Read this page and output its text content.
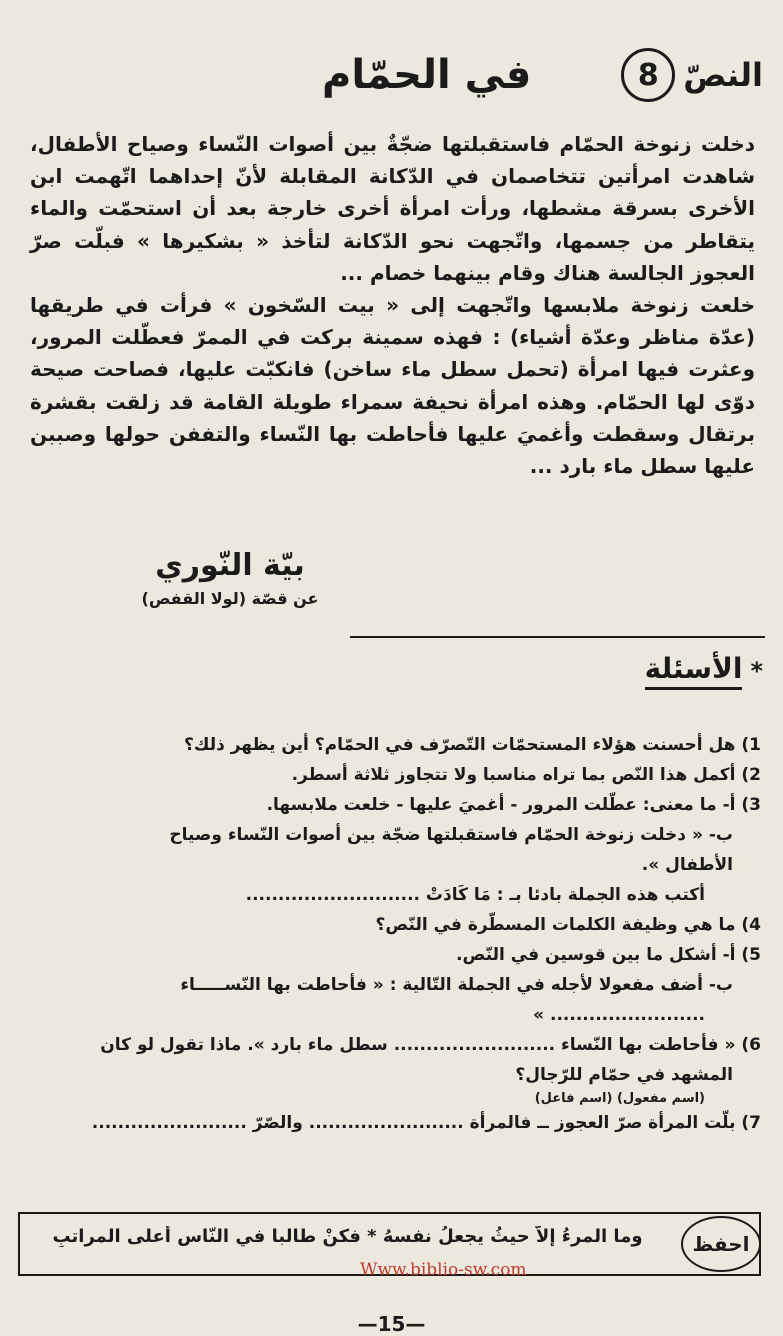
النصّ
8
في الحمّام

دخلت زنوخة الحمّام فاستقبلتها ضجّةٌ بين أصوات النّساء وصياح الأطفال، شاهدت امرأتين تتخاصمان في الدّكانة المقابلة لأنّ إحداهما اتّهمت ابن الأخرى بسرقة مشطها، ورأت امرأة أخرى خارجة بعد أن استحمّت والماء يتقاطر من جسمها، واتّجهت نحو الدّكانة لتأخذ « بشكيرها » فبلّت صرّ العجوز الجالسة هناك وقام بينهما خصام ...

خلعت زنوخة ملابسها واتّجهت إلى « بيت السّخون » فرأت في طريقها (عدّة مناظر وعدّة أشياء) : فهذه سمينة بركت في الممرّ فعطّلت المرور، وعثرت فيها امرأة (تحمل سطل ماء ساخن) فانكبّت عليها، فصاحت صيحة دوّى لها الحمّام. وهذه امرأة نحيفة سمراء طويلة القامة قد زلقت بقشرة برتقال وسقطت وأغميَ عليها فأحاطت بها النّساء والتففن حولها وصببن عليها سطل ماء بارد ...

بيّة النّوري
عن قصّة (لولا القفص)
*
الأسئلة
1) هل أحسنت هؤلاء المستحمّات التّصرّف في الحمّام؟ أين يظهر ذلك؟
2) أكمل هذا النّص بما تراه مناسبا ولا تتجاوز ثلاثة أسطر.
3) أ- ما معنى: عطّلت المرور - أغميَ عليها - خلعت ملابسها.
ب- « دخلت زنوخة الحمّام فاستقبلتها ضجّة بين أصوات النّساء وصياح
الأطفال ».
أكتب هذه الجملة بادئا بـ : مَا كَادَتْ ...........................
4) ما هي وظيفة الكلمات المسطّرة في النّص؟
5) أ- أشكل ما بين قوسين في النّص.
ب- أضف مفعولا لأجله في الجملة التّالية : « فأحاطت بها النّســـــاء
........................ »
6) « فأحاطت بها النّساء ......................... سطل ماء بارد ». ماذا تقول لو كان
المشهد في حمّام للرّجال؟
(اسم مفعول) (اسم فاعل)
7) بلّت المرأة صرّ العجوز ــ فالمرأة ........................ والصّرّ ........................
احفظ
وما المرءُ إلاّ حيثُ يجعلُ نفسهُ * فكنْ طالبا في النّاس أعلى المراتبِ
Www.biblio-sw.com
—15—
